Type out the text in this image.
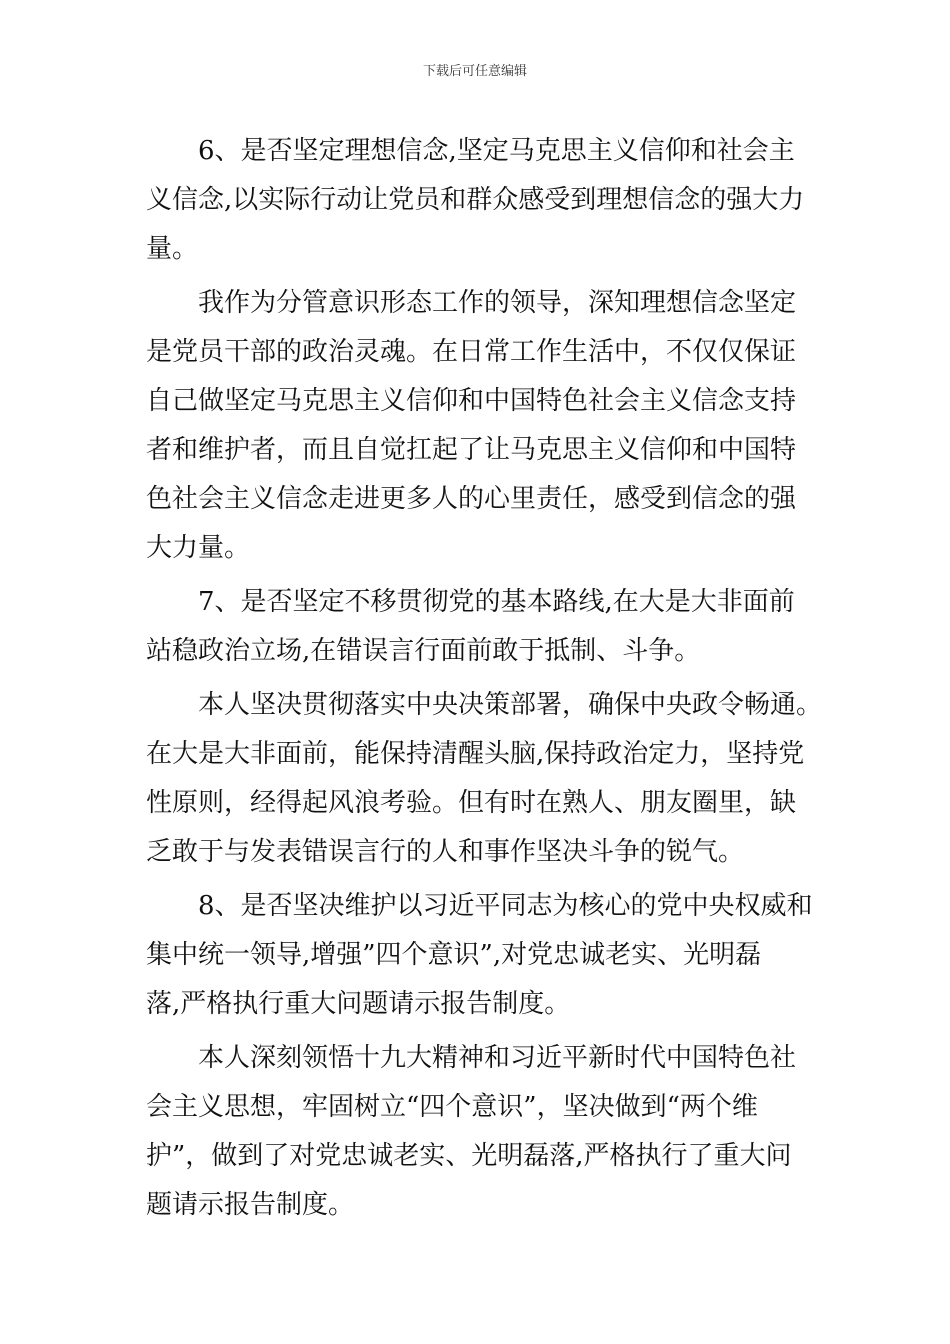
下载后可任意编辑
6、是否坚定理想信念,坚定马克思主义信仰和社会主
义信念,以实际行动让党员和群众感受到理想信念的强大力
量。
我作为分管意识形态工作的领导，深知理想信念坚定
是党员干部的政治灵魂。在日常工作生活中，不仅仅保证
自己做坚定马克思主义信仰和中国特色社会主义信念支持
者和维护者，而且自觉扛起了让马克思主义信仰和中国特
色社会主义信念走进更多人的心里责任，感受到信念的强
大力量。
7、是否坚定不移贯彻党的基本路线,在大是大非面前
站稳政治立场,在错误言行面前敢于抵制、斗争。
本人坚决贯彻落实中央决策部署，确保中央政令畅通。
在大是大非面前，能保持清醒头脑,保持政治定力，坚持党
性原则，经得起风浪考验。但有时在熟人、朋友圈里，缺
乏敢于与发表错误言行的人和事作坚决斗争的锐气。
8、是否坚决维护以习近平同志为核心的党中央权威和
集中统一领导,增强”四个意识”,对党忠诚老实、光明磊
落,严格执行重大问题请示报告制度。
本人深刻领悟十九大精神和习近平新时代中国特色社
会主义思想，牢固树立“四个意识”，坚决做到“两个维
护”，做到了对党忠诚老实、光明磊落,严格执行了重大问
题请示报告制度。
